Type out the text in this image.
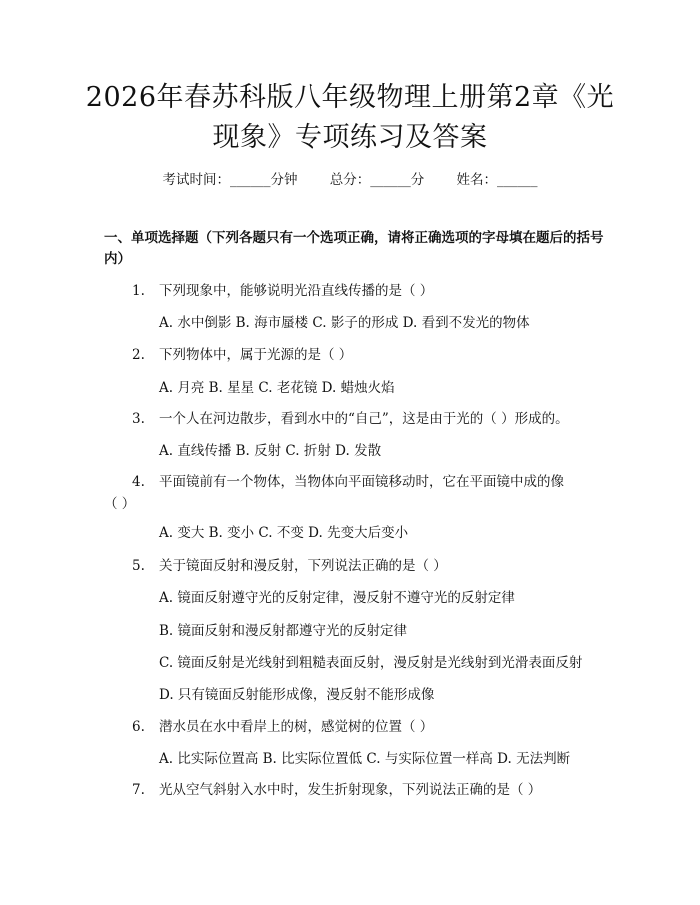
2026年春苏科版八年级物理上册第2章《光
现象》专项练习及答案
考试时间：______分钟 总分：______分 姓名：______
一、单项选择题（下列各题只有一个选项正确，请将正确选项的字母填在题后的括号内）
1.	下列现象中，能够说明光沿直线传播的是（ ）
A. 水中倒影 B. 海市蜃楼 C. 影子的形成 D. 看到不发光的物体
2.	下列物体中，属于光源的是（ ）
A. 月亮 B. 星星 C. 老花镜 D. 蜡烛火焰
3.	一个人在河边散步，看到水中的“自己”，这是由于光的（ ）形成的。
A. 直线传播 B. 反射 C. 折射 D. 发散
4.	平面镜前有一个物体，当物体向平面镜移动时，它在平面镜中成的像（ ）
A. 变大 B. 变小 C. 不变 D. 先变大后变小
5.	关于镜面反射和漫反射，下列说法正确的是（ ）
A. 镜面反射遵守光的反射定律，漫反射不遵守光的反射定律
B. 镜面反射和漫反射都遵守光的反射定律
C. 镜面反射是光线射到粗糙表面反射，漫反射是光线射到光滑表面反射
D. 只有镜面反射能形成像，漫反射不能形成像
6.	潜水员在水中看岸上的树，感觉树的位置（ ）
A. 比实际位置高 B. 比实际位置低 C. 与实际位置一样高 D. 无法判断
7.	光从空气斜射入水中时，发生折射现象，下列说法正确的是（ ）
